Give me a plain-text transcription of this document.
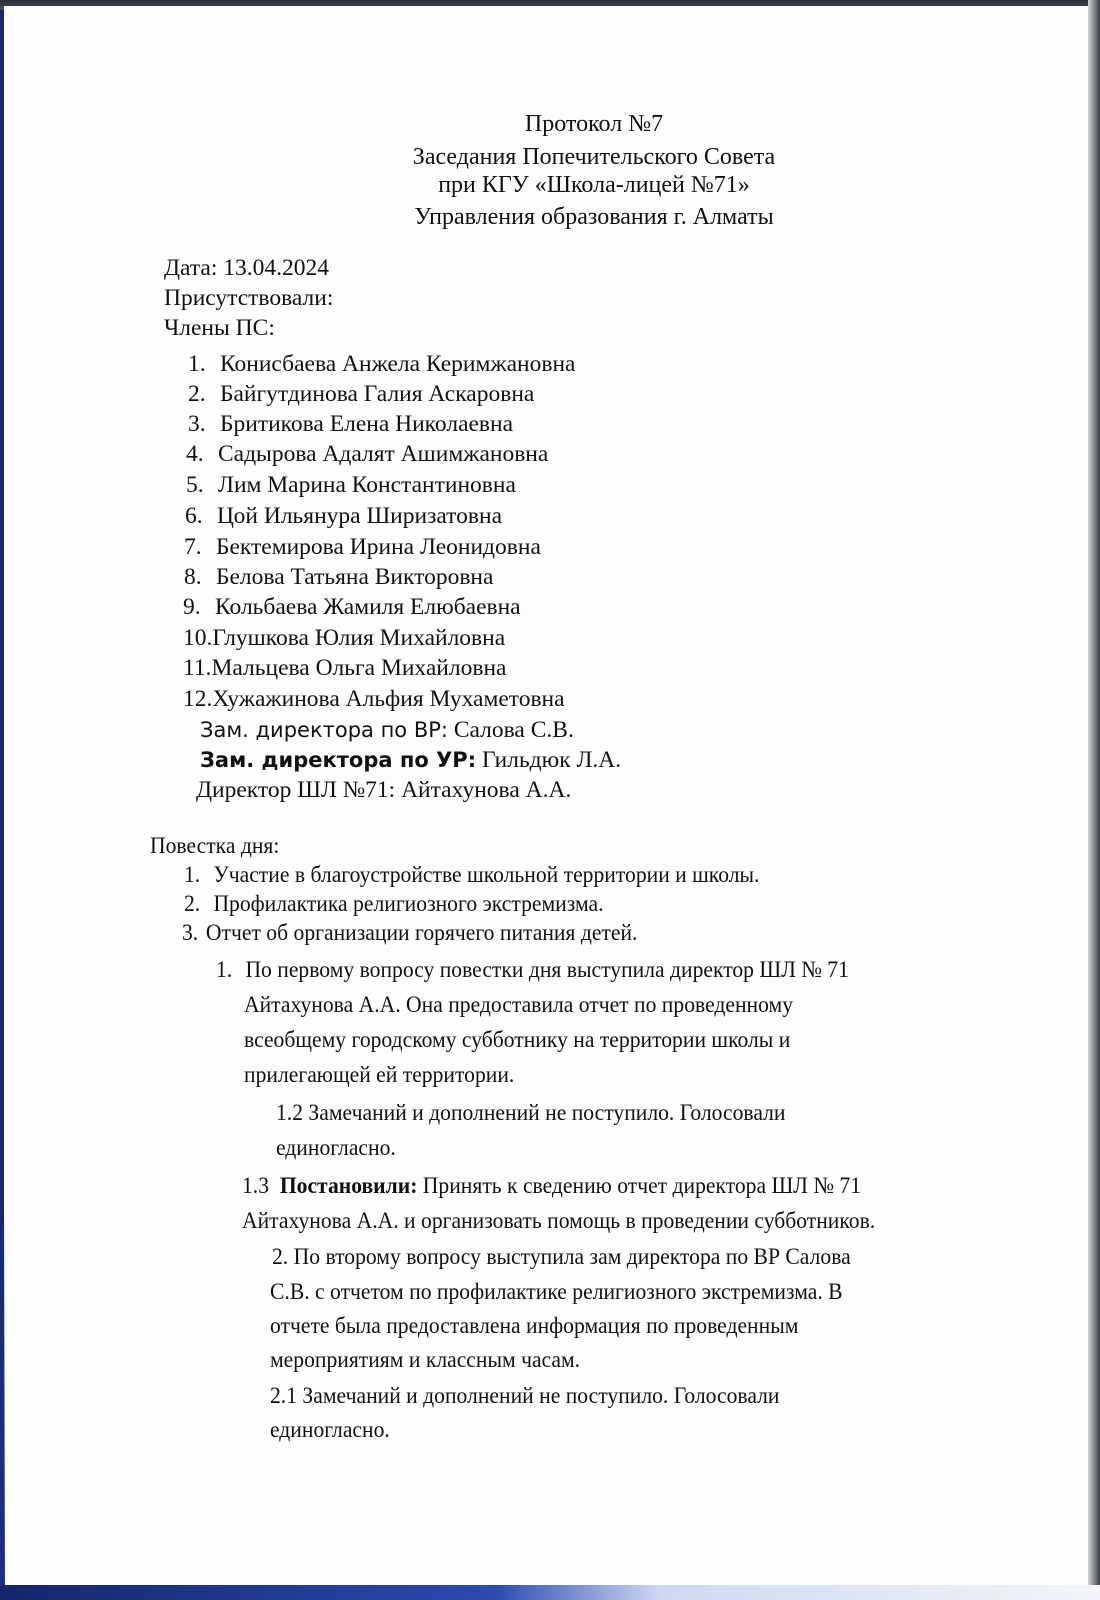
Протокол №7
Заседания Попечительского Совета
при КГУ «Школа-лицей №71»
Управления образования г. Алматы
Дата: 13.04.2024
Присутствовали:
Члены ПС:
1. Конисбаева Анжела Керимжановна
2. Байгутдинова Галия Аскаровна
3. Бритикова Елена Николаевна
4. Садырова Адалят Ашимжановна
5. Лим Марина Константиновна
6. Цой Ильянура Шиpизатовна
7. Бектемирова Ирина Леонидовна
8. Белова Татьяна Викторовна
9. Кольбаева Жамиля Елюбаевна
10.Глушкова Юлия Михайловна
11.Мальцева Ольга Михайловна
12.Хужажинова Альфия Мухаметовна
Зам. директора по ВР: Салова С.В.
Зам. директора по УР: Гильдюк Л.А.
Директор ШЛ №71: Айтахунова А.А.
Повестка дня:
1. Участие в благоустройстве школьной территории и школы.
2. Профилактика религиозного экстремизма.
3. Отчет об организации горячего питания детей.
1. По первому вопросу повестки дня выступила директор ШЛ № 71
Айтахунова А.А. Она предоставила отчет по проведенному
всеобщему городскому субботнику на территории школы и
прилегающей ей территории.
1.2 Замечаний и дополнений не поступило. Голосовали
единогласно.
1.3 Постановили: Принять к сведению отчет директора ШЛ № 71
Айтахунова А.А. и организовать помощь в проведении субботников.
2. По второму вопросу выступила зам директора по ВР Салова
С.В. с отчетом по профилактике религиозного экстремизма. В
отчете была предоставлена информация по проведенным
мероприятиям и классным часам.
2.1 Замечаний и дополнений не поступило. Голосовали
единогласно.
